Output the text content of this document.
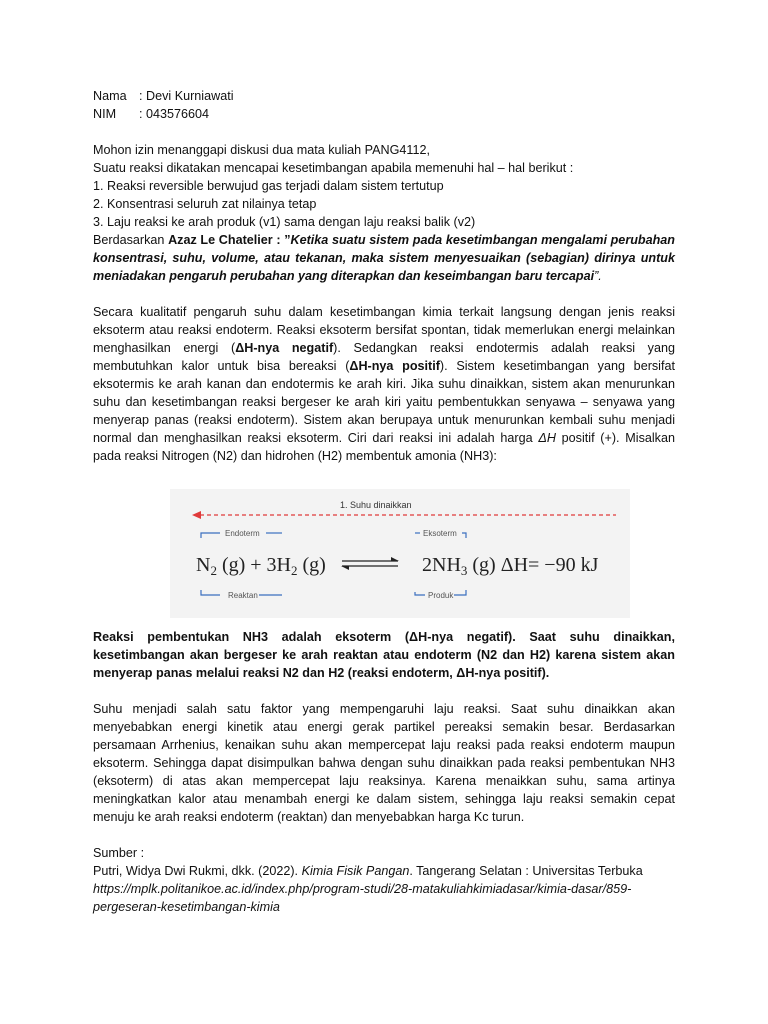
Nama : Devi Kurniawati
NIM	: 043576604
Mohon izin menanggapi diskusi dua mata kuliah PANG4112,
Suatu reaksi dikatakan mencapai kesetimbangan apabila memenuhi hal – hal berikut :
1. Reaksi reversible berwujud gas terjadi dalam sistem tertutup
2. Konsentrasi seluruh zat nilainya tetap
3. Laju reaksi ke arah produk (v1) sama dengan laju reaksi balik (v2)
Berdasarkan Azaz Le Chatelier : ”Ketika suatu sistem pada kesetimbangan mengalami perubahan konsentrasi, suhu, volume, atau tekanan, maka sistem menyesuaikan (sebagian) dirinya untuk meniadakan pengaruh perubahan yang diterapkan dan keseimbangan baru tercapai”.
Secara kualitatif pengaruh suhu dalam kesetimbangan kimia terkait langsung dengan jenis reaksi eksoterm atau reaksi endoterm. Reaksi eksoterm bersifat spontan, tidak memerlukan energi melainkan menghasilkan energi (ΔH-nya negatif). Sedangkan reaksi endotermis adalah reaksi yang membutuhkan kalor untuk bisa bereaksi (ΔH-nya positif). Sistem kesetimbangan yang bersifat eksotermis ke arah kanan dan endotermis ke arah kiri. Jika suhu dinaikkan, sistem akan menurunkan suhu dan kesetimbangan reaksi bergeser ke arah kiri yaitu pembentukkan senyawa – senyawa yang menyerap panas (reaksi endoterm). Sistem akan berupaya untuk menurunkan kembali suhu menjadi normal dan menghasilkan reaksi eksoterm. Ciri dari reaksi ini adalah harga ΔH positif (+). Misalkan pada reaksi Nitrogen (N2) dan hidrohen (H2) membentuk amonia (NH3):
1. Suhu dinaikkan
Endoterm
Reaktan
Eksoterm
Produk
$N_2$ $(g) + 3H_2$ (g)	$2NH_3$ (g) ΔH= −90 kJ
Reaksi pembentukan NH3 adalah eksoterm (ΔH-nya negatif). Saat suhu dinaikkan, kesetimbangan akan bergeser ke arah reaktan atau endoterm (N2 dan H2) karena sistem akan menyerap panas melalui reaksi N2 dan H2 (reaksi endoterm, ΔH-nya positif).
Suhu menjadi salah satu faktor yang mempengaruhi laju reaksi. Saat suhu dinaikkan akan menyebabkan energi kinetik atau energi gerak partikel pereaksi semakin besar. Berdasarkan persamaan Arrhenius, kenaikan suhu akan mempercepat laju reaksi pada reaksi endoterm maupun eksoterm. Sehingga dapat disimpulkan bahwa dengan suhu dinaikkan pada reaksi pembentukan NH3 (eksoterm) di atas akan mempercepat laju reaksinya. Karena menaikkan suhu, sama artinya meningkatkan kalor atau menambah energi ke dalam sistem, sehingga laju reaksi semakin cepat menuju ke arah reaksi endoterm (reaktan) dan menyebabkan harga Kc turun.
Sumber :
Putri, Widya Dwi Rukmi, dkk. (2022). Kimia Fisik Pangan. Tangerang Selatan : Universitas Terbuka
https://mplk.politanikoe.ac.id/index.php/program-studi/28-matakuliahkimiadasar/kimia-dasar/859-
pergeseran-kesetimbangan-kimia
